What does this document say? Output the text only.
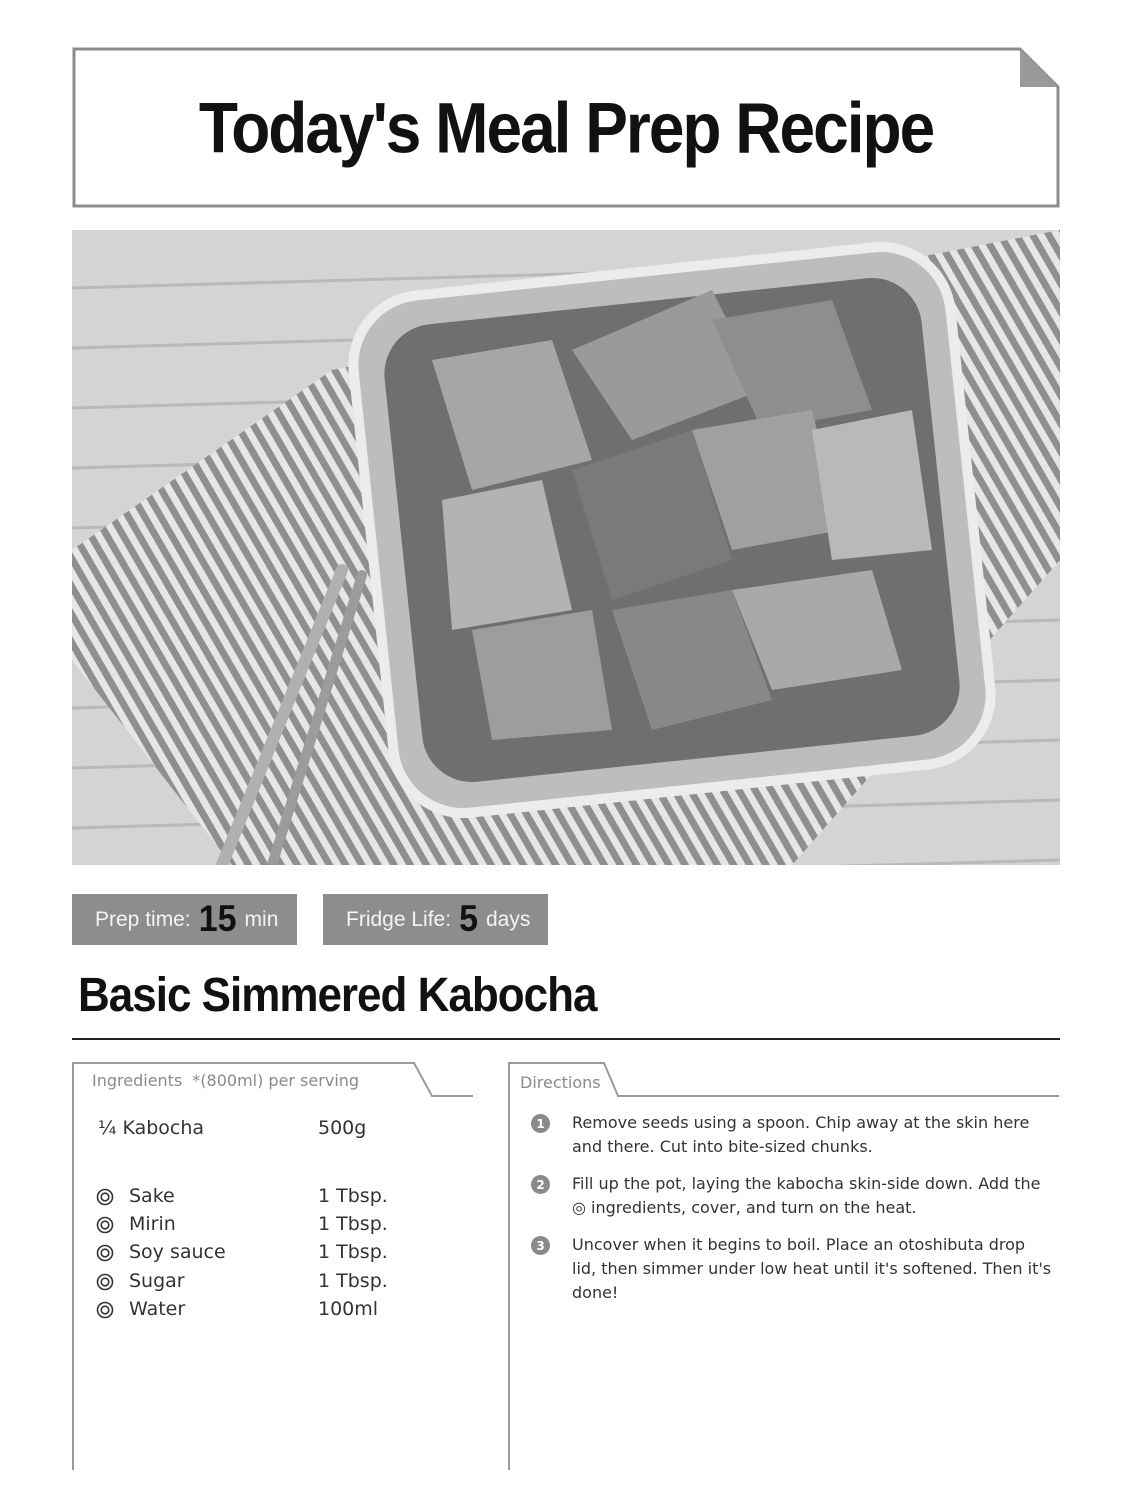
Today's Meal Prep Recipe
Prep time: 15 min	Fridge Life: 5 days
Basic Simmered Kabocha
Ingredients *(800ml) per serving
¼ Kabocha	500g
Sake	1 Tbsp.
Mirin	1 Tbsp.
Soy sauce	1 Tbsp.
Sugar	1 Tbsp.
Water	100ml
Directions
1	Remove seeds using a spoon. Chip away at the skin here and there. Cut into bite-sized chunks.
2	Fill up the pot, laying the kabocha skin-side down. Add the ◎ ingredients, cover, and turn on the heat.
3	Uncover when it begins to boil. Place an otoshibuta drop lid, then simmer under low heat until it's softened. Then it's done!
